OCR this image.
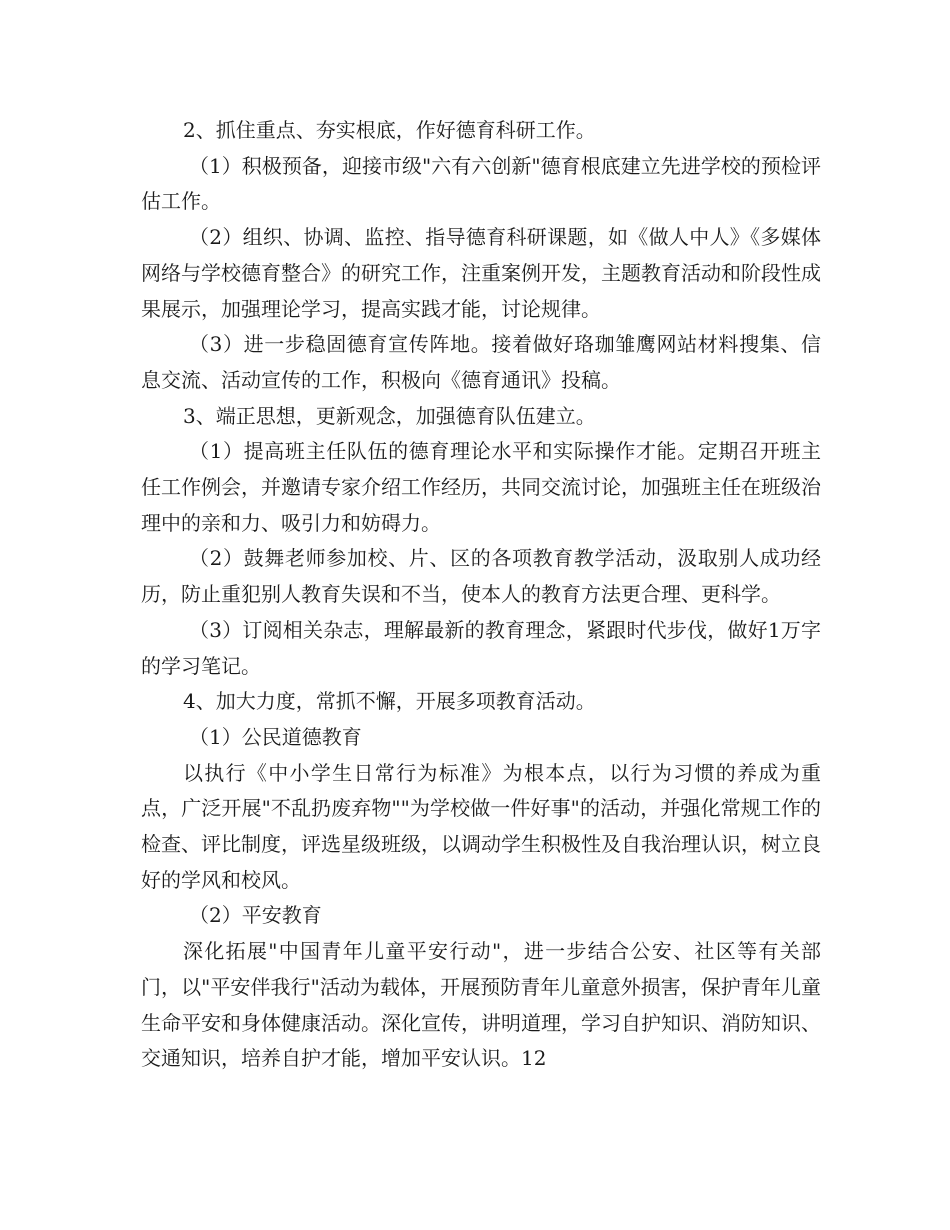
2、抓住重点、夯实根底，作好德育科研工作。

（1）积极预备，迎接市级"六有六创新"德育根底建立先进学校的预检评估工作。

（2）组织、协调、监控、指导德育科研课题，如《做人中人》《多媒体网络与学校德育整合》的研究工作，注重案例开发，主题教育活动和阶段性成果展示，加强理论学习，提高实践才能，讨论规律。

（3）进一步稳固德育宣传阵地。接着做好珞珈雏鹰网站材料搜集、信息交流、活动宣传的工作，积极向《德育通讯》投稿。

3、端正思想，更新观念，加强德育队伍建立。

（1）提高班主任队伍的德育理论水平和实际操作才能。定期召开班主任工作例会，并邀请专家介绍工作经历，共同交流讨论，加强班主任在班级治理中的亲和力、吸引力和妨碍力。

（2）鼓舞老师参加校、片、区的各项教育教学活动，汲取别人成功经历，防止重犯别人教育失误和不当，使本人的教育方法更合理、更科学。

（3）订阅相关杂志，理解最新的教育理念，紧跟时代步伐，做好1万字的学习笔记。

4、加大力度，常抓不懈，开展多项教育活动。

（1）公民道德教育

以执行《中小学生日常行为标准》为根本点，以行为习惯的养成为重点，广泛开展"不乱扔废弃物""为学校做一件好事"的活动，并强化常规工作的检查、评比制度，评选星级班级，以调动学生积极性及自我治理认识，树立良好的学风和校风。

（2）平安教育

深化拓展"中国青年儿童平安行动"，进一步结合公安、社区等有关部门，以"平安伴我行"活动为载体，开展预防青年儿童意外损害，保护青年儿童生命平安和身体健康活动。深化宣传，讲明道理，学习自护知识、消防知识、交通知识，培养自护才能，增加平安认识。12
